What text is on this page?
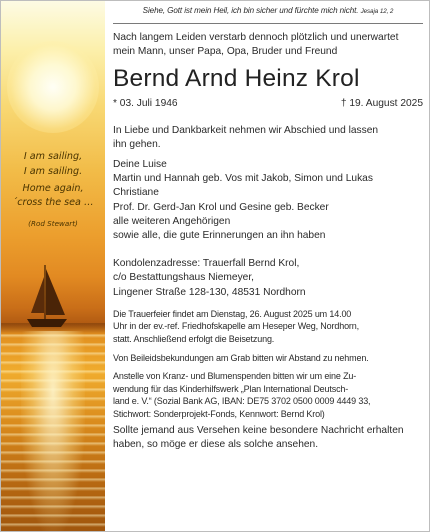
I am sailing,
I am sailing.
Home again,
´cross the sea …
(Rod Stewart)
Siehe, Gott ist mein Heil, ich bin sicher und fürchte mich nicht. Jesaja 12, 2

Nach langem Leiden verstarb dennoch plötzlich und unerwartet

mein Mann, unser Papa, Opa, Bruder und Freund

Bernd Arnd Heinz Krol
* 03. Juli 1946	† 19. August 2025

In Liebe und Dankbarkeit nehmen wir Abschied und lassen

ihn gehen.

Deine Luise

Martin und Hannah geb. Vos mit Jakob, Simon und Lukas

Christiane

Prof. Dr. Gerd-Jan Krol und Gesine geb. Becker

alle weiteren Angehörigen

sowie alle, die gute Erinnerungen an ihn haben

Kondolenzadresse: Trauerfall Bernd Krol,

c/o Bestattungshaus Niemeyer,

Lingener Straße 128-130, 48531 Nordhorn

Die Trauerfeier findet am Dienstag, 26. August 2025 um 14.00

Uhr in der ev.-ref. Friedhofskapelle am Heseper Weg, Nordhorn,

statt. Anschließend erfolgt die Beisetzung.

Von Beileidsbekundungen am Grab bitten wir Abstand zu nehmen.

Anstelle von Kranz- und Blumenspenden bitten wir um eine Zu-

wendung für das Kinderhilfswerk „Plan International Deutsch-

land e. V.“ (Sozial Bank AG, IBAN: DE75 3702 0500 0009 4449 33,

Stichwort: Sonderprojekt-Fonds, Kennwort: Bernd Krol)

Sollte jemand aus Versehen keine besondere Nachricht erhalten

haben, so möge er diese als solche ansehen.
